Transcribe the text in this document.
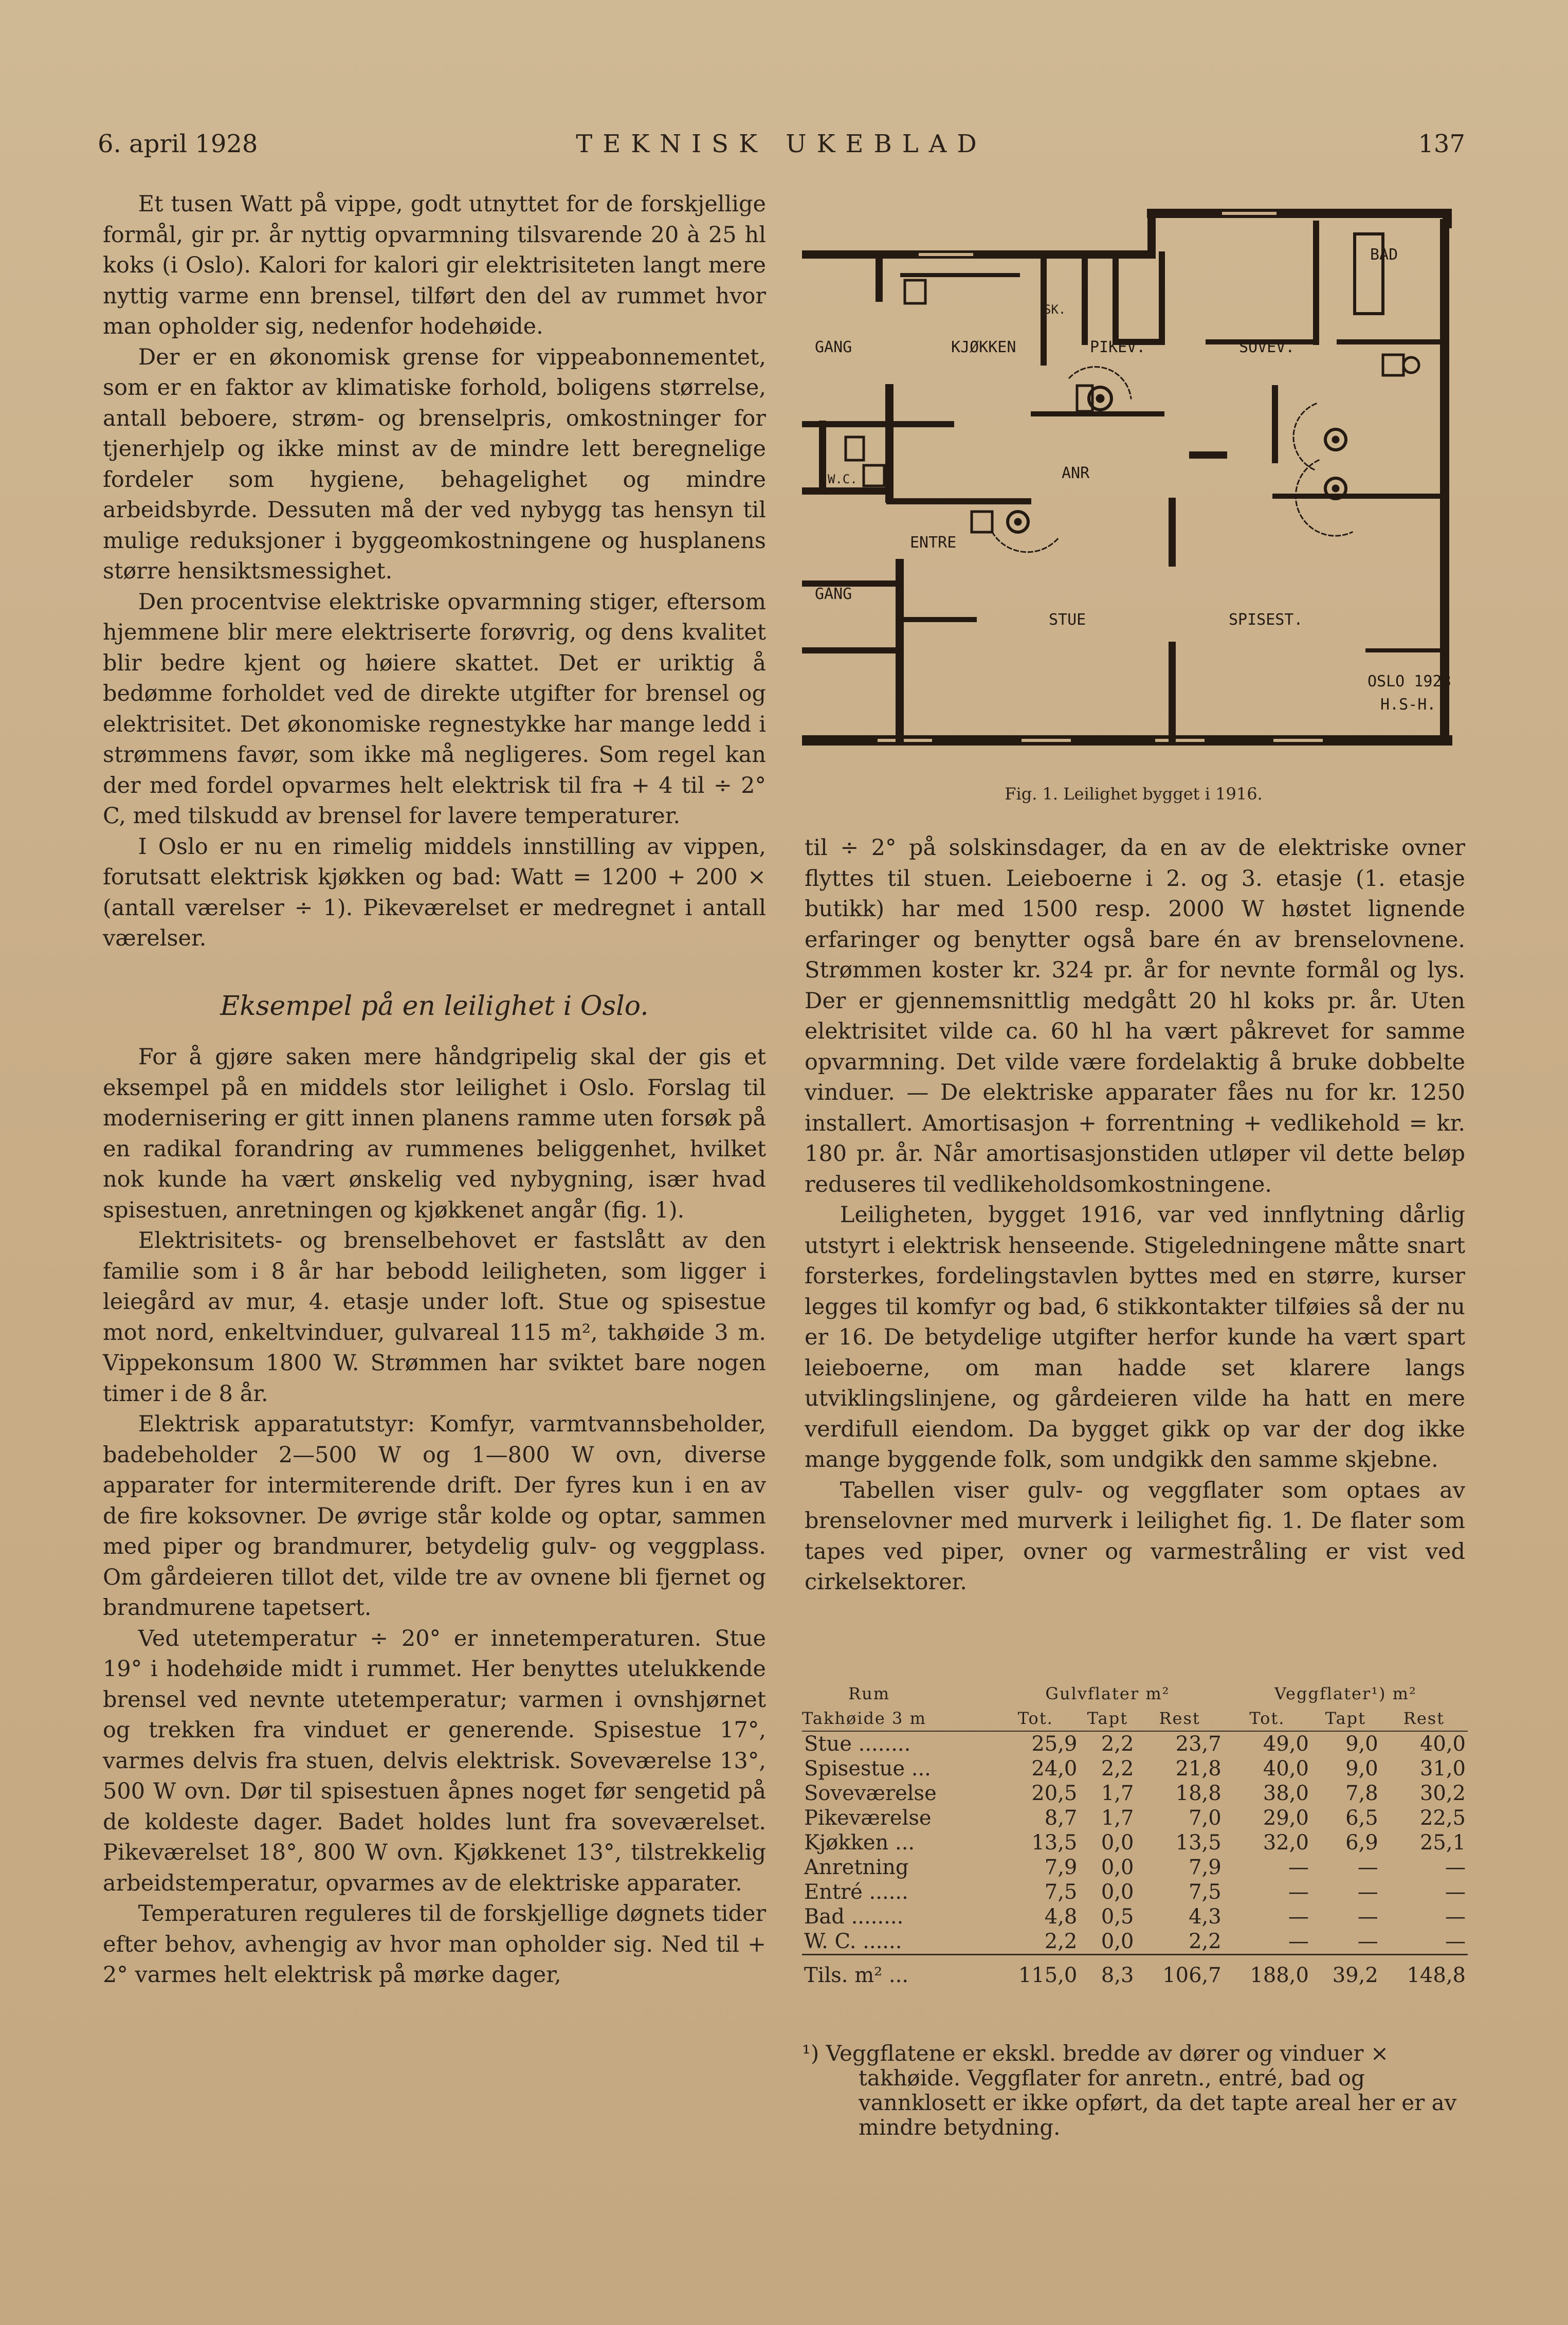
6. april 1928	TEKNISK UKEBLAD	137

Et tusen Watt på vippe, godt utnyttet for de forskjellige formål, gir pr. år nyttig opvarmning tilsvarende 20 à 25 hl koks (i Oslo). Kalori for kalori gir elektrisiteten langt mere nyttig varme enn brensel, tilført den del av rummet hvor man opholder sig, nedenfor hodehøide.

Der er en økonomisk grense for vippeabonnementet, som er en faktor av klimatiske forhold, boligens størrelse, antall beboere, strøm- og brenselpris, omkostninger for tjenerhjelp og ikke minst av de mindre lett beregnelige fordeler som hygiene, behagelighet og mindre arbeidsbyrde. Dessuten må der ved nybygg tas hensyn til mulige reduksjoner i byggeomkostningene og husplanens større hensiktsmessighet.

Den procentvise elektriske opvarmning stiger, eftersom hjemmene blir mere elektriserte forøvrig, og dens kvalitet blir bedre kjent og høiere skattet. Det er uriktig å bedømme forholdet ved de direkte utgifter for brensel og elektrisitet. Det økonomiske regnestykke har mange ledd i strømmens favør, som ikke må negligeres. Som regel kan der med fordel opvarmes helt elektrisk til fra + 4 til ÷ 2° C, med tilskudd av brensel for lavere temperaturer.

I Oslo er nu en rimelig middels innstilling av vippen, forutsatt elektrisk kjøkken og bad: Watt = 1200 + 200 × (antall værelser ÷ 1). Pikeværelset er medregnet i antall værelser.

Eksempel på en leilighet i Oslo.

For å gjøre saken mere håndgripelig skal der gis et eksempel på en middels stor leilighet i Oslo. Forslag til modernisering er gitt innen planens ramme uten forsøk på en radikal forandring av rummenes beliggenhet, hvilket nok kunde ha vært ønskelig ved nybygning, især hvad spisestuen, anretningen og kjøkkenet angår (fig. 1).

Elektrisitets- og brenselbehovet er fastslått av den familie som i 8 år har bebodd leiligheten, som ligger i leiegård av mur, 4. etasje under loft. Stue og spisestue mot nord, enkeltvinduer, gulvareal 115 m², takhøide 3 m. Vippekonsum 1800 W. Strømmen har sviktet bare nogen timer i de 8 år.

Elektrisk apparatutstyr: Komfyr, varmtvannsbeholder, badebeholder 2—500 W og 1—800 W ovn, diverse apparater for intermiterende drift. Der fyres kun i en av de fire koksovner. De øvrige står kolde og optar, sammen med piper og brandmurer, betydelig gulv- og veggplass. Om gårdeieren tillot det, vilde tre av ovnene bli fjernet og brandmurene tapetsert.

Ved utetemperatur ÷ 20° er innetemperaturen. Stue 19° i hodehøide midt i rummet. Her benyttes utelukkende brensel ved nevnte utetemperatur; varmen i ovnshjørnet og trekken fra vinduet er generende. Spisestue 17°, varmes delvis fra stuen, delvis elektrisk. Soveværelse 13°, 500 W ovn. Dør til spisestuen åpnes noget før sengetid på de koldeste dager. Badet holdes lunt fra soveværelset. Pikeværelset 18°, 800 W ovn. Kjøkkenet 13°, tilstrekkelig arbeidstemperatur, opvarmes av de elektriske apparater.

Temperaturen reguleres til de forskjellige døgnets tider efter behov, avhengig av hvor man opholder sig. Ned til + 2° varmes helt elektrisk på mørke dager,

GANG	KJØKKEN
SK.
PIKEV.	SOVEV.
BAD
W.C.	ANR
ENTRE
GANG
STUE	SPISEST.
OSLO 1928
H.S-H.
Fig. 1. Leilighet bygget i 1916.

til ÷ 2° på solskinsdager, da en av de elektriske ovner flyttes til stuen. Leieboerne i 2. og 3. etasje (1. etasje butikk) har med 1500 resp. 2000 W høstet lignende erfaringer og benytter også bare én av brenselovnene. Strømmen koster kr. 324 pr. år for nevnte formål og lys. Der er gjennemsnittlig medgått 20 hl koks pr. år. Uten elektrisitet vilde ca. 60 hl ha vært påkrevet for samme opvarmning. Det vilde være fordelaktig å bruke dobbelte vinduer. — De elektriske apparater fåes nu for kr. 1250 installert. Amortisasjon + forrentning + vedlikehold = kr. 180 pr. år. Når amortisasjonstiden utløper vil dette beløp reduseres til vedlikeholdsomkostningene.

Leiligheten, bygget 1916, var ved innflytning dårlig utstyrt i elektrisk henseende. Stigeledningene måtte snart forsterkes, fordelingstavlen byttes med en større, kurser legges til komfyr og bad, 6 stikkontakter tilføies så der nu er 16. De betydelige utgifter herfor kunde ha vært spart leieboerne, om man hadde set klarere langs utviklingslinjene, og gårdeieren vilde ha hatt en mere verdifull eiendom. Da bygget gikk op var der dog ikke mange byggende folk, som undgikk den samme skjebne.

Tabellen viser gulv- og veggflater som optaes av brenselovner med murverk i leilighet fig. 1. De flater som tapes ved piper, ovner og varmestråling er vist ved cirkelsektorer.

Rum	Gulvflater m²			Veggflater¹) m²		
Takhøide 3 m	Tot.	Tapt	Rest	Tot.	Tapt	Rest
Stue ........	25,9	2,2	23,7	49,0	9,0	40,0
Spisestue ...	24,0	2,2	21,8	40,0	9,0	31,0
Soveværelse	20,5	1,7	18,8	38,0	7,8	30,2
Pikeværelse	8,7	1,7	7,0	29,0	6,5	22,5
Kjøkken ...	13,5	0,0	13,5	32,0	6,9	25,1
Anretning	7,9	0,0	7,9	—	—	—
Entré ......	7,5	0,0	7,5	—	—	—
Bad ........	4,8	0,5	4,3	—	—	—
W. C. ......	2,2	0,0	2,2	—	—	—
Tils. m² ...	115,0	8,3	106,7	188,0	39,2	148,8

¹) Veggflatene er ekskl. bredde av dører og vinduer × takhøide. Veggflater for anretn., entré, bad og vannklosett er ikke opført, da det tapte areal her er av mindre betydning.
